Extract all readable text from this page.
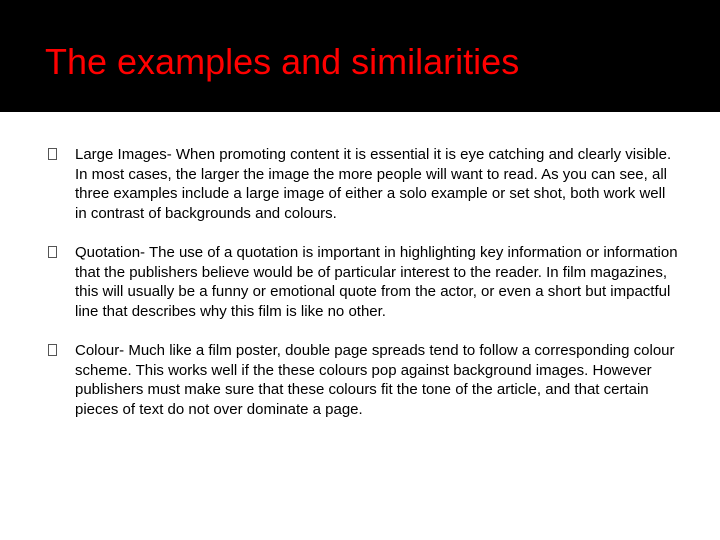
The examples and similarities
Large Images- When promoting content it is essential it is eye catching and clearly visible. In most cases, the larger the image the more people will want to read. As you can see, all three examples include a large image of either a solo example or set shot, both work well in contrast of backgrounds and colours.
Quotation- The use of a quotation is important in highlighting key information or information that the publishers believe would be of particular interest to the reader. In film magazines, this will usually be a funny or emotional quote from the actor, or even a short but impactful line that describes why this film is like no other.
Colour- Much like a film poster, double page spreads tend to follow a corresponding colour scheme. This works well if the these colours pop against background images. However publishers must make sure that these colours fit the tone of the article, and that certain pieces of text do not over dominate a page.
